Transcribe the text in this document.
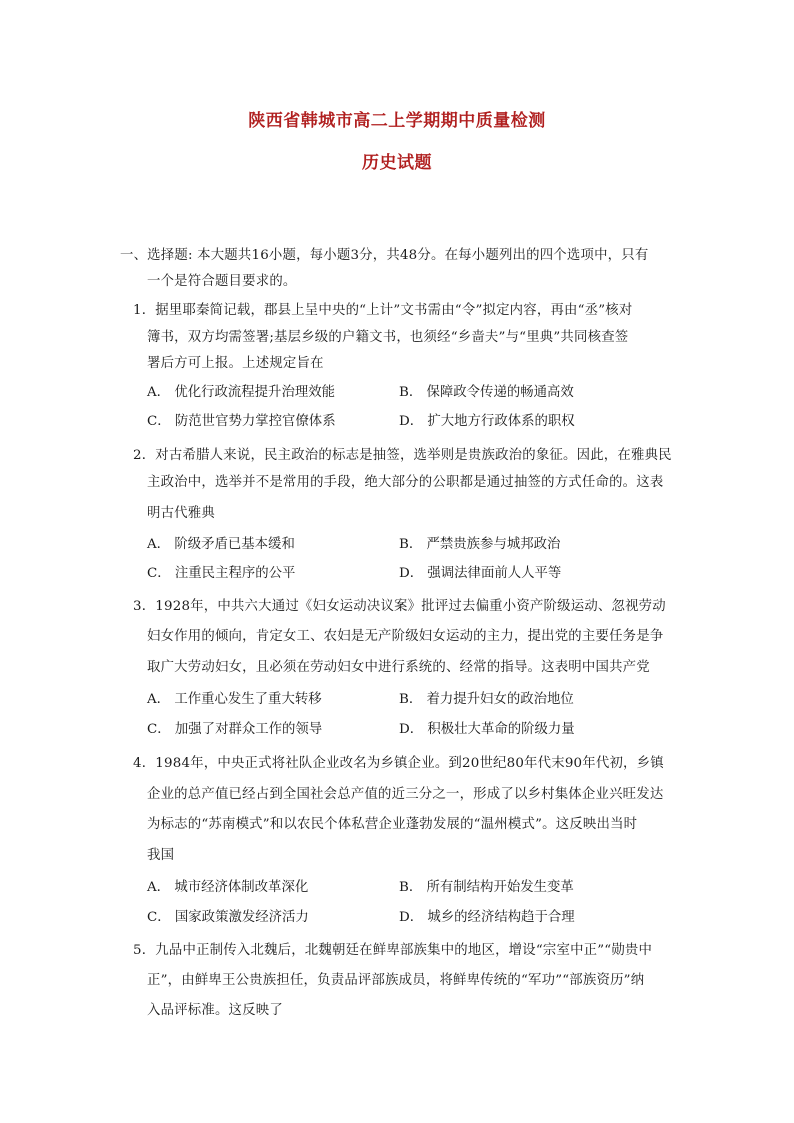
陕西省韩城市高二上学期期中质量检测
历史试题
一、选择题: 本大题共16小题，每小题3分，共48分。在每小题列出的四个选项中，只有
一个是符合题目要求的。
1．据里耶秦简记载，郡县上呈中央的“上计”文书需由“令”拟定内容，再由“丞”核对
簿书，双方均需签署;基层乡级的户籍文书，也须经“乡啬夫”与“里典”共同核查签
署后方可上报。上述规定旨在
A． 优化行政流程提升治理效能	B． 保障政令传递的畅通高效
C． 防范世官势力掌控官僚体系	D． 扩大地方行政体系的职权
2．对古希腊人来说，民主政治的标志是抽签，选举则是贵族政治的象征。因此，在雅典民
主政治中，选举并不是常用的手段，绝大部分的公职都是通过抽签的方式任命的。这表
明古代雅典
A． 阶级矛盾已基本缓和	B． 严禁贵族参与城邦政治
C． 注重民主程序的公平	D． 强调法律面前人人平等
3．1928年，中共六大通过《妇女运动决议案》批评过去偏重小资产阶级运动、忽视劳动
妇女作用的倾向，肯定女工、农妇是无产阶级妇女运动的主力，提出党的主要任务是争
取广大劳动妇女，且必须在劳动妇女中进行系统的、经常的指导。这表明中国共产党
A． 工作重心发生了重大转移	B． 着力提升妇女的政治地位
C． 加强了对群众工作的领导	D． 积极壮大革命的阶级力量
4．1984年，中央正式将社队企业改名为乡镇企业。到20世纪80年代末90年代初，乡镇
企业的总产值已经占到全国社会总产值的近三分之一，形成了以乡村集体企业兴旺发达
为标志的“苏南模式”和以农民个体私营企业蓬勃发展的“温州模式”。这反映出当时
我国
A． 城市经济体制改革深化	B． 所有制结构开始发生变革
C． 国家政策激发经济活力	D． 城乡的经济结构趋于合理
5．九品中正制传入北魏后，北魏朝廷在鲜卑部族集中的地区，增设“宗室中正”“勋贵中
正”，由鲜卑王公贵族担任，负责品评部族成员，将鲜卑传统的“军功”“部族资历”纳
入品评标准。这反映了
